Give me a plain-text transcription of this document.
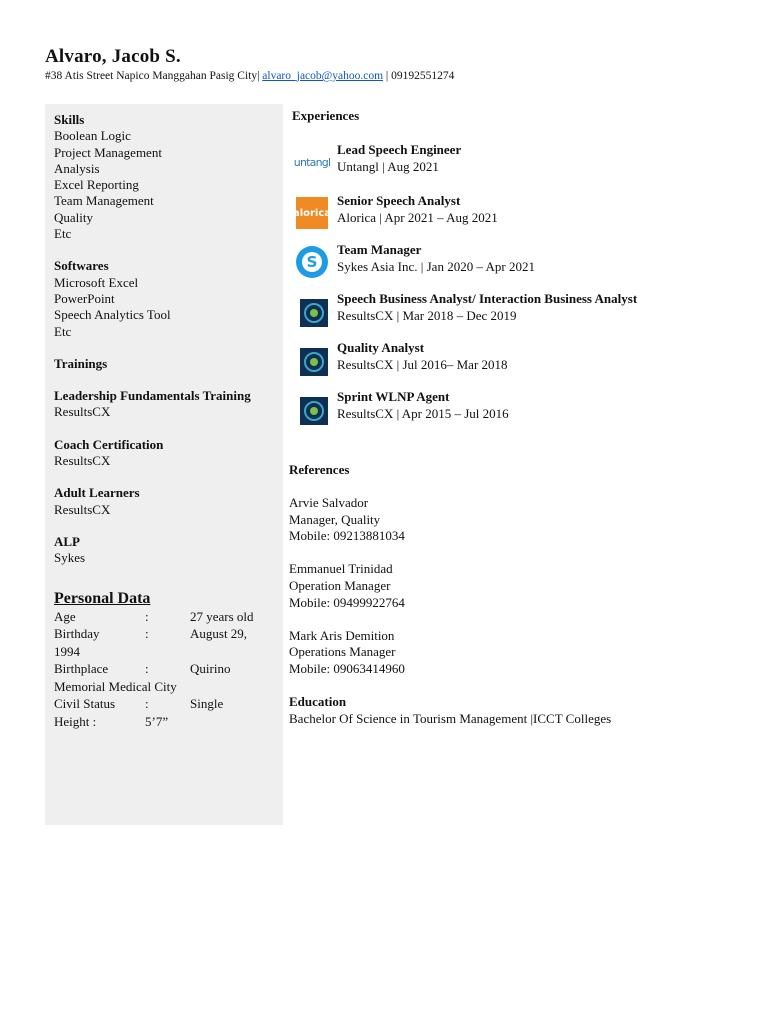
Alvaro, Jacob S.
#38 Atis Street Napico Manggahan Pasig City| alvaro_jacob@yahoo.com | 09192551274
Skills
Boolean Logic
Project Management
Analysis
Excel Reporting
Team Management
Quality
Etc
Softwares
Microsoft Excel
PowerPoint
Speech Analytics Tool
Etc
Trainings
Leadership Fundamentals Training
ResultsCX
Coach Certification
ResultsCX
Adult Learners
ResultsCX
ALP
Sykes
Personal Data
Age	:	27 years old
Birthday	:	August 29,
1994
Birthplace	:	Quirino
Memorial Medical City
Civil Status :	Single
Height :	5’7”
Experiences
untangl
Lead Speech Engineer
Untangl | Aug 2021
alorica
Senior Speech Analyst
Alorica | Apr 2021 – Aug 2021
S
Team Manager
Sykes Asia Inc. | Jan 2020 – Apr 2021
Speech Business Analyst/ Interaction Business Analyst
ResultsCX | Mar 2018 – Dec 2019
Quality Analyst
ResultsCX | Jul 2016– Mar 2018
Sprint WLNP Agent
ResultsCX | Apr 2015 – Jul 2016
References
Arvie Salvador
Manager, Quality
Mobile: 09213881034
Emmanuel Trinidad
Operation Manager
Mobile: 09499922764
Mark Aris Demition
Operations Manager
Mobile: 09063414960
Education
Bachelor Of Science in Tourism Management |ICCT Colleges
